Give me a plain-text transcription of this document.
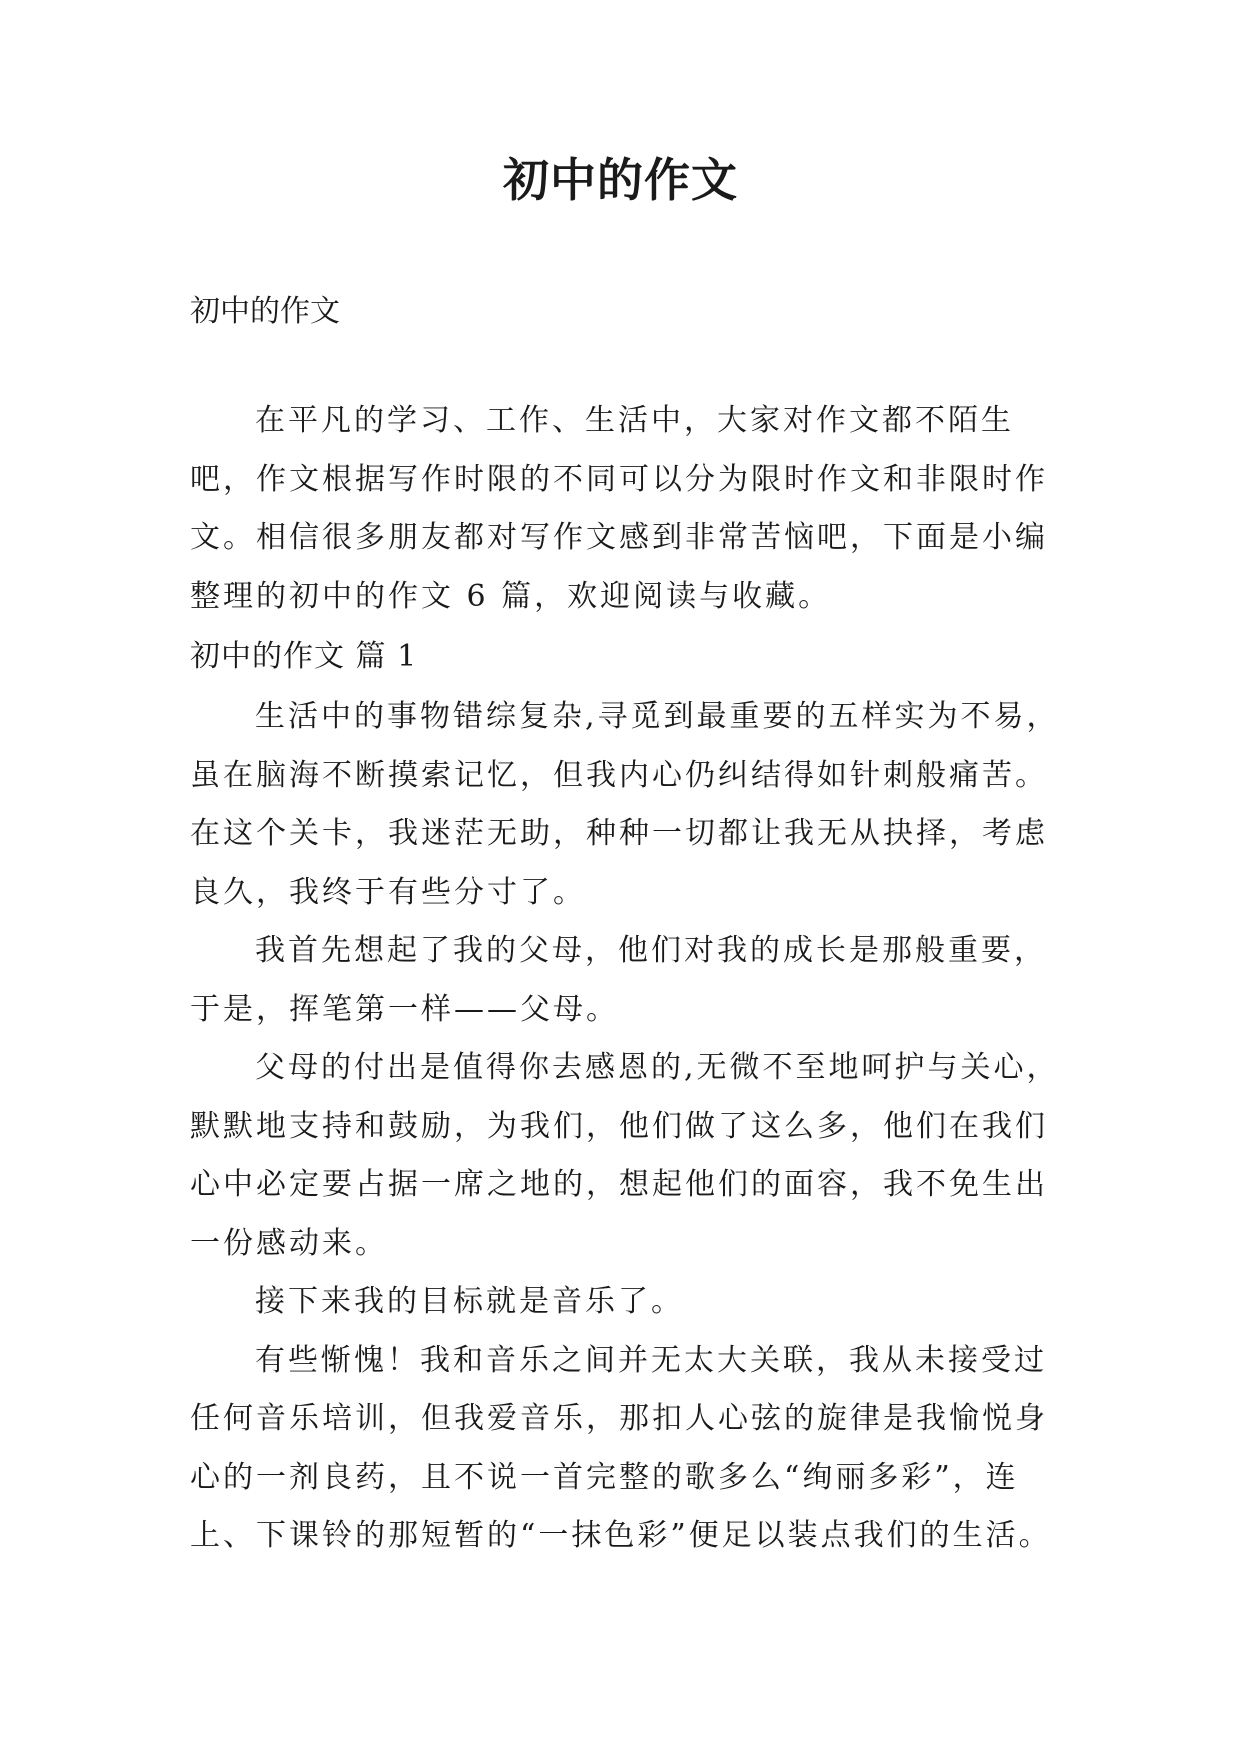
初中的作文

初中的作文

在平凡的学习、工作、生活中，大家对作文都不陌生吧，作文根据写作时限的不同可以分为限时作文和非限时作文。相信很多朋友都对写作文感到非常苦恼吧，下面是小编整理的初中的作文 6 篇，欢迎阅读与收藏。

初中的作文 篇 1

生活中的事物错综复杂,寻觅到最重要的五样实为不易，虽在脑海不断摸索记忆，但我内心仍纠结得如针刺般痛苦。在这个关卡，我迷茫无助，种种一切都让我无从抉择，考虑良久，我终于有些分寸了。

我首先想起了我的父母，他们对我的成长是那般重要，于是，挥笔第一样——父母。

父母的付出是值得你去感恩的,无微不至地呵护与关心，默默地支持和鼓励，为我们，他们做了这么多，他们在我们心中必定要占据一席之地的，想起他们的面容，我不免生出一份感动来。

接下来我的目标就是音乐了。

有些惭愧！我和音乐之间并无太大关联，我从未接受过任何音乐培训，但我爱音乐，那扣人心弦的旋律是我愉悦身心的一剂良药，且不说一首完整的歌多么“绚丽多彩”，连上、下课铃的那短暂的“一抹色彩”便足以装点我们的生活。
